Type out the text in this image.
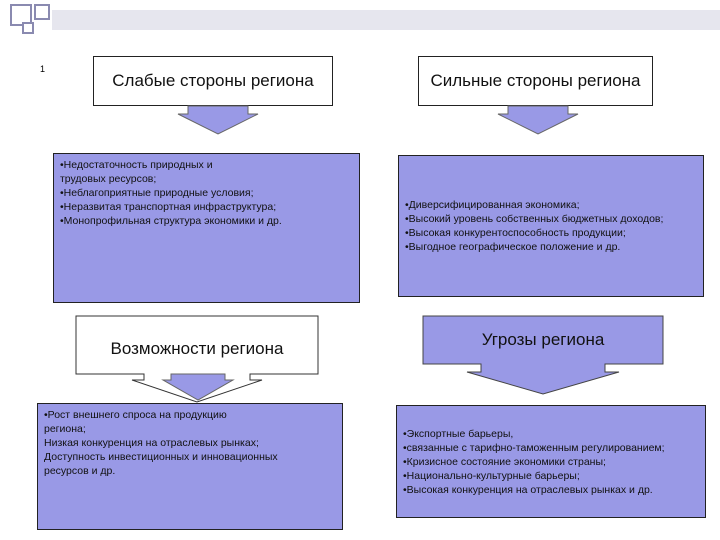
1
Слабые стороны региона
•Недостаточность природных и
трудовых ресурсов;
•Неблагоприятные природные условия;
•Неразвитая транспортная инфраструктура;
•Монопрофильная структура экономики и др.
Сильные стороны региона
•Диверсифицированная экономика;
•Высокий уровень собственных бюджетных доходов;
•Высокая конкурентоспособность продукции;
•Выгодное географическое положение и др.
Возможности региона
•Рост внешнего спроса на продукцию
региона;
Низкая конкуренция на отраслевых рынках;
Доступность инвестиционных и инновационных
ресурсов и др.
Угрозы региона
•Экспортные барьеры,
•связанные с тарифно-таможенным регулированием;
•Кризисное состояние экономики страны;
•Национально-культурные барьеры;
•Высокая конкуренция на отраслевых рынках и др.
